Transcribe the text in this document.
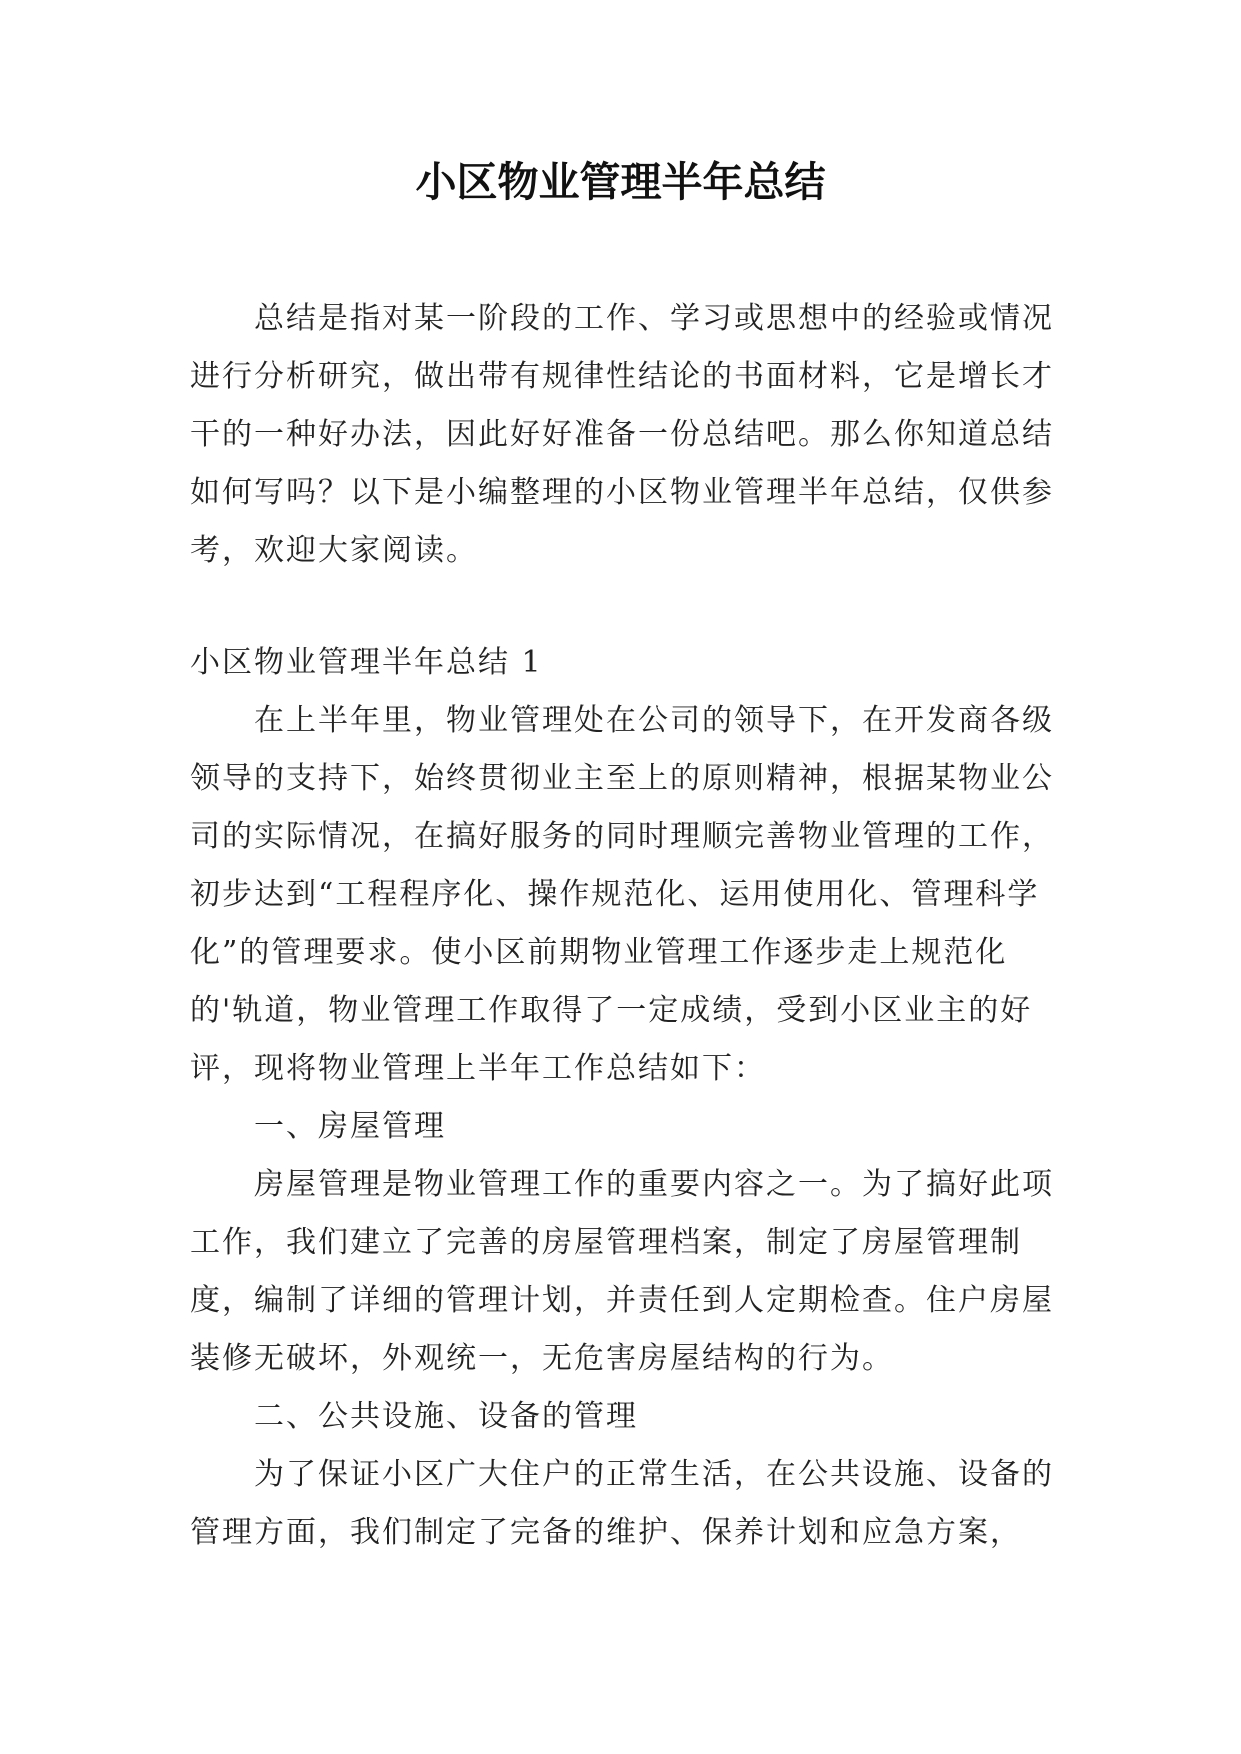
小区物业管理半年总结

总结是指对某一阶段的工作、学习或思想中的经验或情况进行分析研究，做出带有规律性结论的书面材料，它是增长才干的一种好办法，因此好好准备一份总结吧。那么你知道总结如何写吗？以下是小编整理的小区物业管理半年总结，仅供参考，欢迎大家阅读。

小区物业管理半年总结 1

在上半年里，物业管理处在公司的领导下，在开发商各级领导的支持下，始终贯彻业主至上的原则精神，根据某物业公司的实际情况，在搞好服务的同时理顺完善物业管理的工作，初步达到“工程程序化、操作规范化、运用使用化、管理科学化”的管理要求。使小区前期物业管理工作逐步走上规范化的'轨道，物业管理工作取得了一定成绩，受到小区业主的好评，现将物业管理上半年工作总结如下：

一、房屋管理

房屋管理是物业管理工作的重要内容之一。为了搞好此项工作，我们建立了完善的房屋管理档案，制定了房屋管理制度，编制了详细的管理计划，并责任到人定期检查。住户房屋装修无破坏，外观统一，无危害房屋结构的行为。

二、公共设施、设备的管理

为了保证小区广大住户的正常生活，在公共设施、设备的管理方面，我们制定了完备的维护、保养计划和应急方案，
